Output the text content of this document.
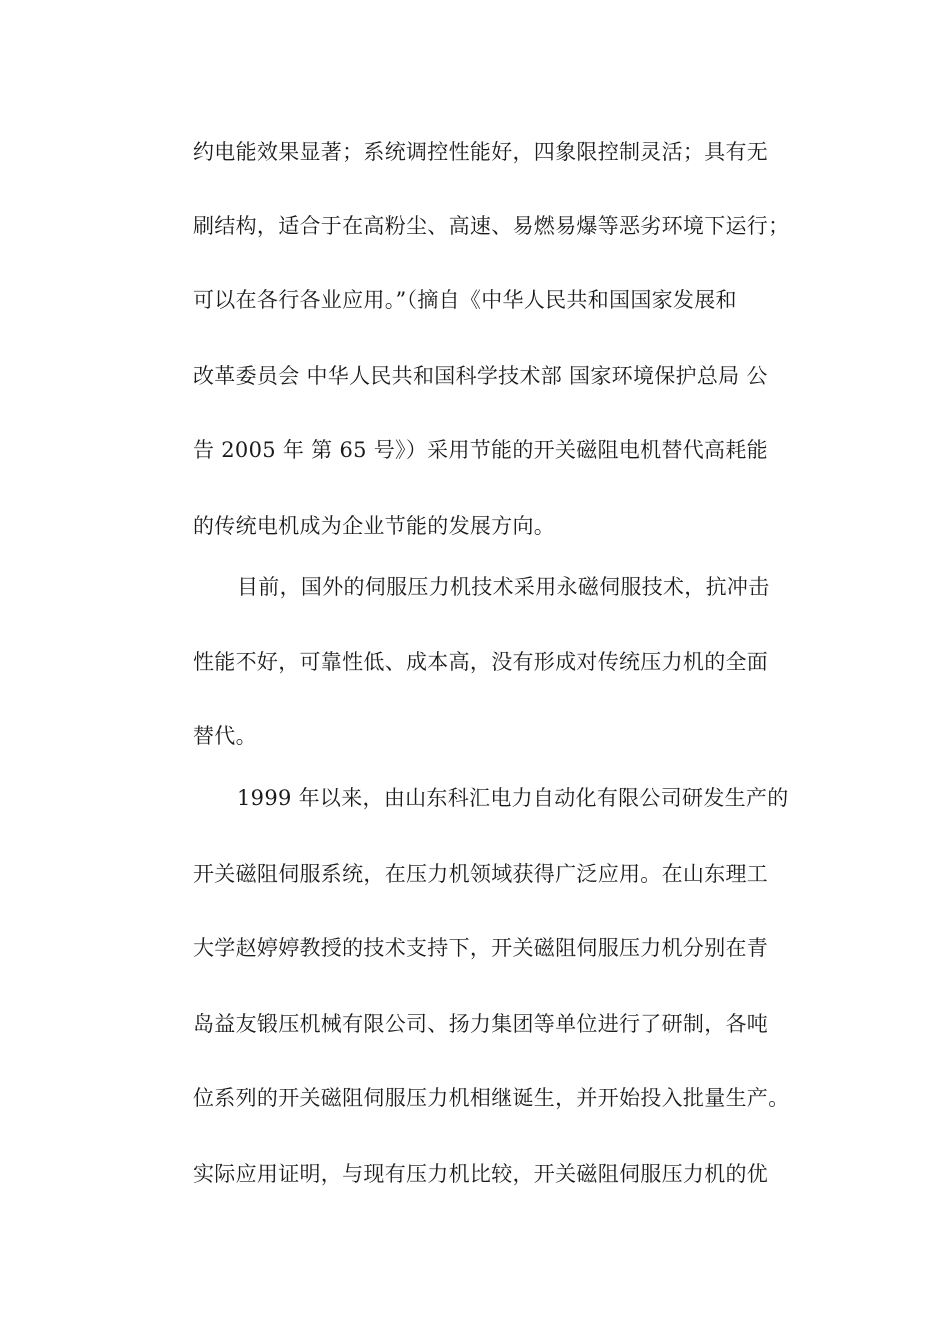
约电能效果显著；系统调控性能好，四象限控制灵活；具有无
刷结构，适合于在高粉尘、高速、易燃易爆等恶劣环境下运行；
可以在各行各业应用。”（摘自《中华人民共和国国家发展和
改革委员会 中华人民共和国科学技术部 国家环境保护总局 公
告 2005 年 第 65 号》）采用节能的开关磁阻电机替代高耗能
的传统电机成为企业节能的发展方向。
目前，国外的伺服压力机技术采用永磁伺服技术，抗冲击
性能不好，可靠性低、成本高，没有形成对传统压力机的全面
替代。
1999 年以来，由山东科汇电力自动化有限公司研发生产的
开关磁阻伺服系统，在压力机领域获得广泛应用。在山东理工
大学赵婷婷教授的技术支持下，开关磁阻伺服压力机分别在青
岛益友锻压机械有限公司、扬力集团等单位进行了研制，各吨
位系列的开关磁阻伺服压力机相继诞生，并开始投入批量生产。
实际应用证明，与现有压力机比较，开关磁阻伺服压力机的优
